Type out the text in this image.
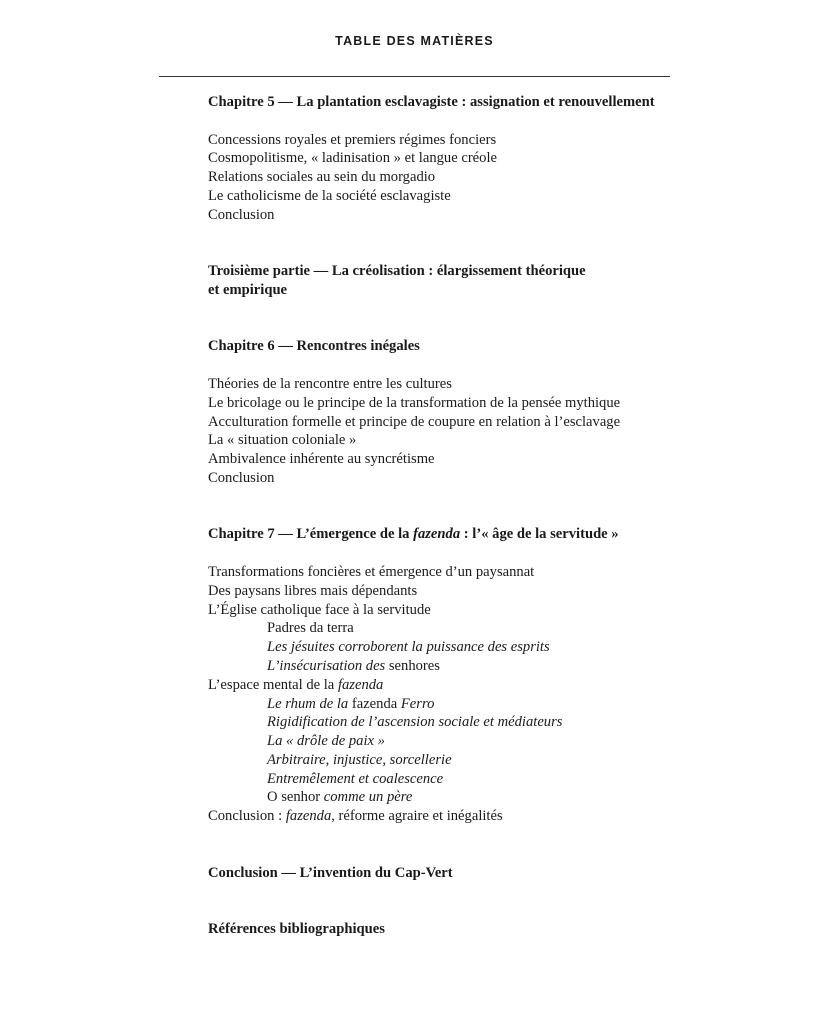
TABLE DES MATIÈRES
Chapitre 5 — La plantation esclavagiste : assignation et renouvellement
Concessions royales et premiers régimes fonciers
Cosmopolitisme, « ladinisation » et langue créole
Relations sociales au sein du morgadio
Le catholicisme de la société esclavagiste
Conclusion
Troisième partie — La créolisation : élargissement théorique
et empirique
Chapitre 6 — Rencontres inégales
Théories de la rencontre entre les cultures
Le bricolage ou le principe de la transformation de la pensée mythique
Acculturation formelle et principe de coupure en relation à l’esclavage
La « situation coloniale »
Ambivalence inhérente au syncrétisme
Conclusion
Chapitre 7 — L’émergence de la fazenda : l’« âge de la servitude »
Transformations foncières et émergence d’un paysannat
Des paysans libres mais dépendants
L’Église catholique face à la servitude
Padres da terra
Les jésuites corroborent la puissance des esprits
L’insécurisation des senhores
L’espace mental de la fazenda
Le rhum de la fazenda Ferro
Rigidification de l’ascension sociale et médiateurs
La « drôle de paix »
Arbitraire, injustice, sorcellerie
Entremêlement et coalescence
O senhor comme un père
Conclusion : fazenda, réforme agraire et inégalités
Conclusion — L’invention du Cap-Vert
Références bibliographiques
